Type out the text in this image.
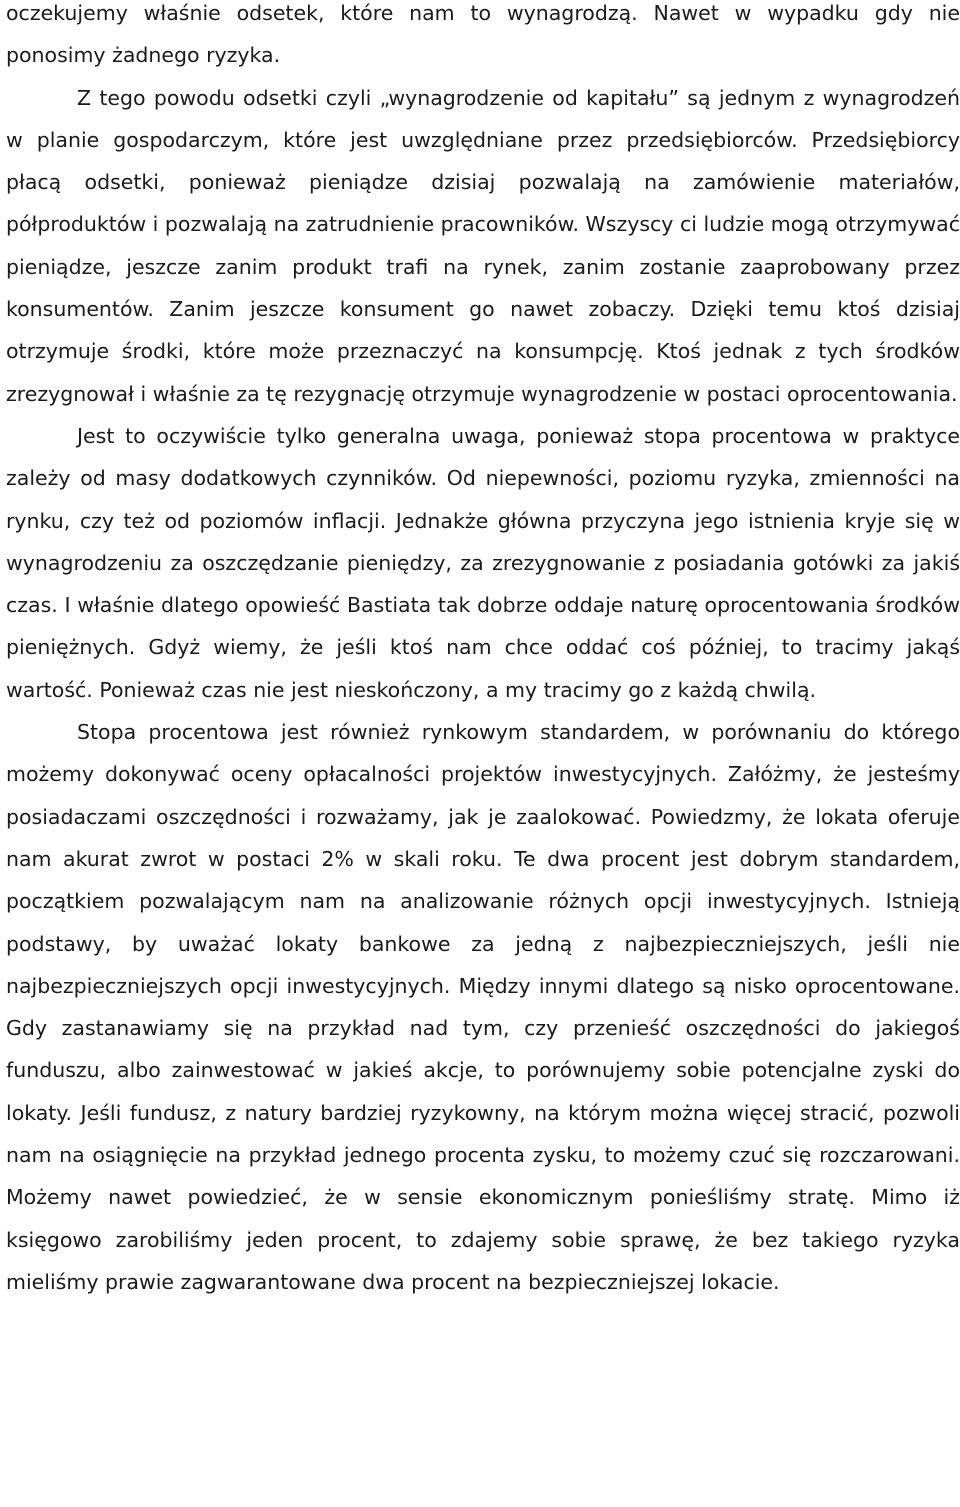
oczekujemy właśnie odsetek, które nam to wynagrodzą. Nawet w wypadku gdy nie ponosimy żadnego ryzyka.

Z tego powodu odsetki czyli „wynagrodzenie od kapitału” są jednym z wynagrodzeń w planie gospodarczym, które jest uwzględniane przez przedsiębiorców. Przedsiębiorcy płacą odsetki, ponieważ pieniądze dzisiaj pozwalają na zamówienie materiałów, półproduktów i pozwalają na zatrudnienie pracowników. Wszyscy ci ludzie mogą otrzymywać pieniądze, jeszcze zanim produkt trafi na rynek, zanim zostanie zaaprobowany przez konsumentów. Zanim jeszcze konsument go nawet zobaczy. Dzięki temu ktoś dzisiaj otrzymuje środki, które może przeznaczyć na konsumpcję. Ktoś jednak z tych środków zrezygnował i właśnie za tę rezygnację otrzymuje wynagrodzenie w postaci oprocentowania.

Jest to oczywiście tylko generalna uwaga, ponieważ stopa procentowa w praktyce zależy od masy dodatkowych czynników. Od niepewności, poziomu ryzyka, zmienności na rynku, czy też od poziomów inflacji. Jednakże główna przyczyna jego istnienia kryje się w wynagrodzeniu za oszczędzanie pieniędzy, za zrezygnowanie z posiadania gotówki za jakiś czas. I właśnie dlatego opowieść Bastiata tak dobrze oddaje naturę oprocentowania środków pieniężnych. Gdyż wiemy, że jeśli ktoś nam chce oddać coś później, to tracimy jakąś wartość. Ponieważ czas nie jest nieskończony, a my tracimy go z każdą chwilą.

Stopa procentowa jest również rynkowym standardem, w porównaniu do którego możemy dokonywać oceny opłacalności projektów inwestycyjnych. Załóżmy, że jesteśmy posiadaczami oszczędności i rozważamy, jak je zaalokować. Powiedzmy, że lokata oferuje nam akurat zwrot w postaci 2% w skali roku. Te dwa procent jest dobrym standardem, początkiem pozwalającym nam na analizowanie różnych opcji inwestycyjnych. Istnieją podstawy, by uważać lokaty bankowe za jedną z najbezpieczniejszych, jeśli nie najbezpieczniejszych opcji inwestycyjnych. Między innymi dlatego są nisko oprocentowane. Gdy zastanawiamy się na przykład nad tym, czy przenieść oszczędności do jakiegoś funduszu, albo zainwestować w jakieś akcje, to porównujemy sobie potencjalne zyski do lokaty. Jeśli fundusz, z natury bardziej ryzykowny, na którym można więcej stracić, pozwoli nam na osiągnięcie na przykład jednego procenta zysku, to możemy czuć się rozczarowani. Możemy nawet powiedzieć, że w sensie ekonomicznym ponieśliśmy stratę. Mimo iż księgowo zarobiliśmy jeden procent, to zdajemy sobie sprawę, że bez takiego ryzyka mieliśmy prawie zagwarantowane dwa procent na bezpieczniejszej lokacie.
